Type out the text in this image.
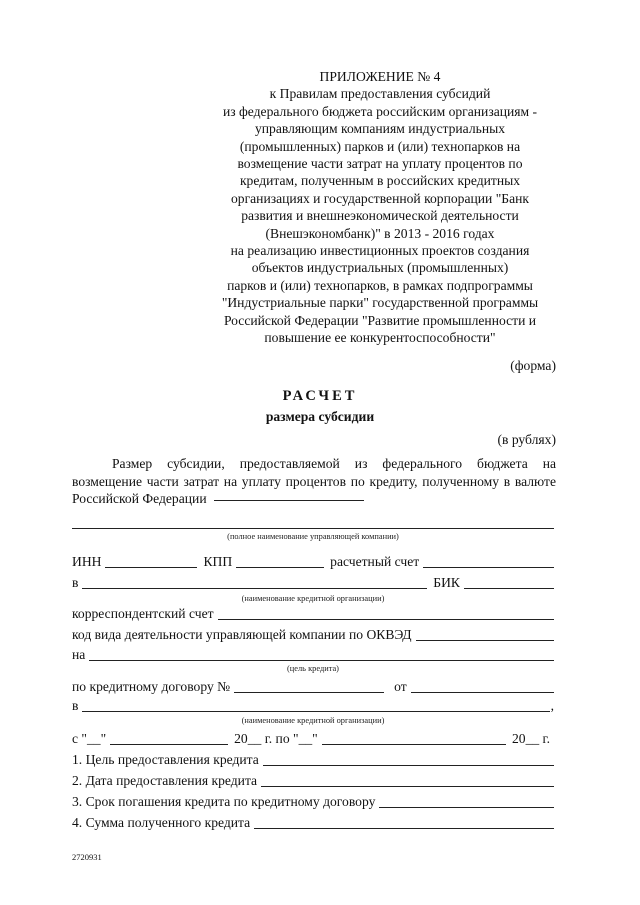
ПРИЛОЖЕНИЕ № 4
к Правилам предоставления субсидий
из федерального бюджета российским организациям -
управляющим компаниям индустриальных
(промышленных) парков и (или) технопарков на
возмещение части затрат на уплату процентов по
кредитам, полученным в российских кредитных
организациях и государственной корпорации "Банк
развития и внешнеэкономической деятельности
(Внешэкономбанк)" в 2013 - 2016 годах
на реализацию инвестиционных проектов создания
объектов индустриальных (промышленных)
парков и (или) технопарков, в рамках подпрограммы
"Индустриальные парки" государственной программы
Российской Федерации "Развитие промышленности и
повышение ее конкурентоспособности"
(форма)
РАСЧЕТ
размера субсидии
(в рублях)
Размер субсидии, предоставляемой из федерального бюджета на возмещение части затрат на уплату процентов по кредиту, полученному в валюте Российской Федерации
(полное наименование управляющей компании)
ИНН	КПП	расчетный счет
в	БИК
(наименование кредитной организации)
корреспондентский счет
код вида деятельности управляющей компании по ОКВЭД
на
(цель кредита)
по кредитному договору №	от
в	,
(наименование кредитной организации)
с "__"	20__ г. по "__"	20__ г.
1. Цель предоставления кредита
2. Дата предоставления кредита
3. Срок погашения кредита по кредитному договору
4. Сумма полученного кредита
2720931
